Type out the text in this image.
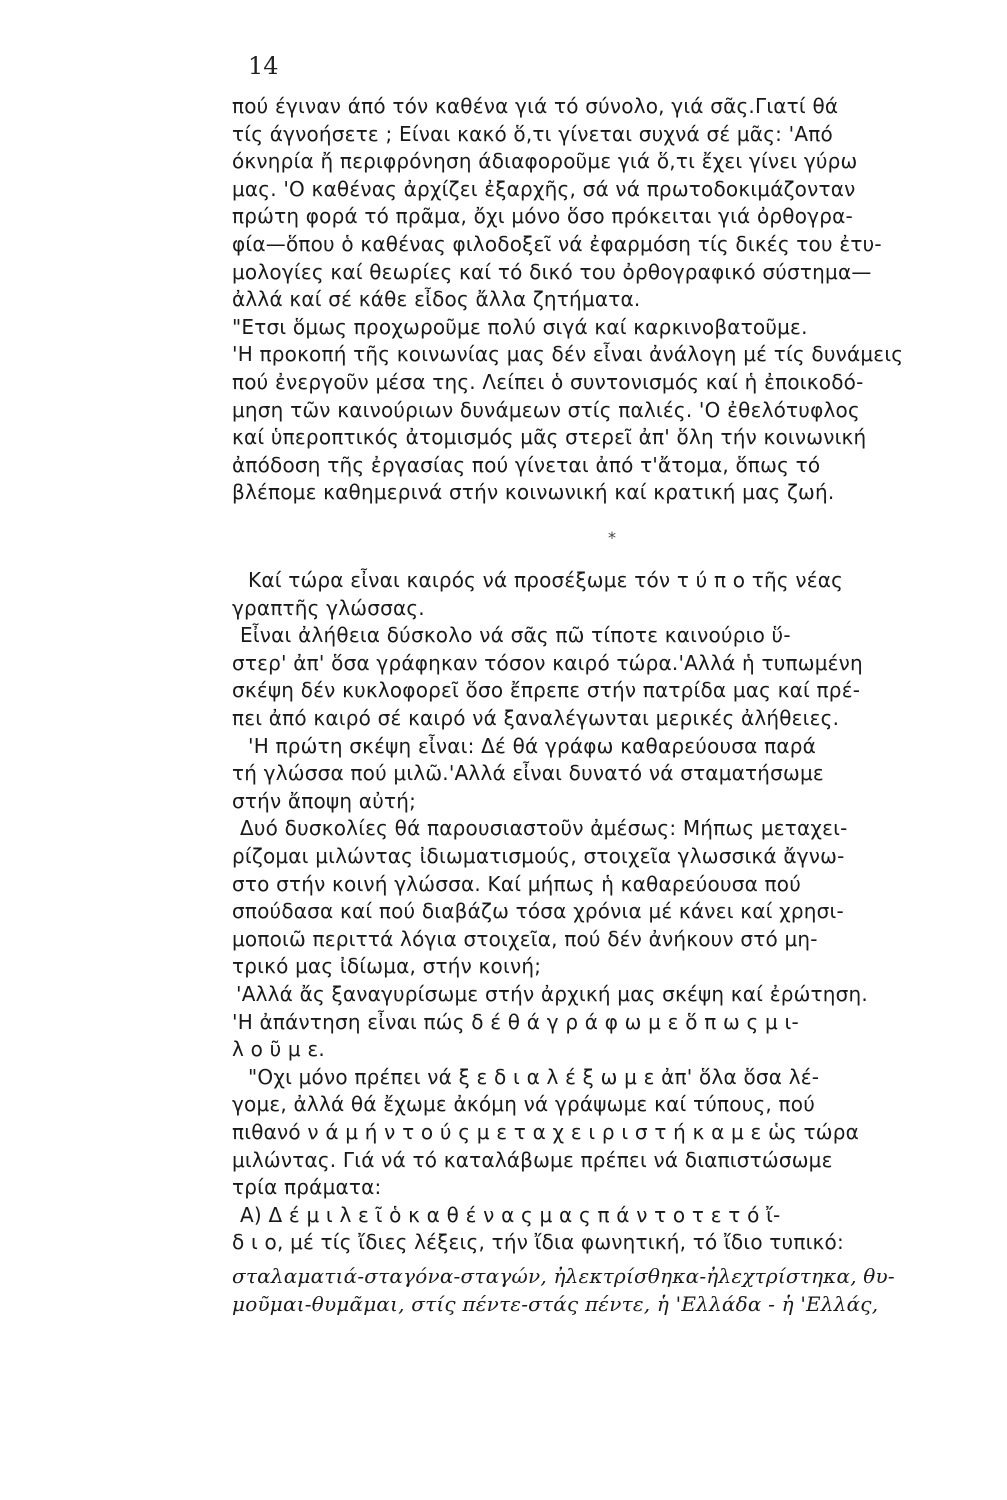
14
πού έγιναν άπό τόν καθένα γιά τό σύνολο, γιά σᾶς.Γιατί θά
τίς άγνοήσετε ; Είναι κακό ὅ,τι γίνεται συχνά σέ μᾶς: 'Από
όκνηρία ἤ περιφρόνηση άδιαφοροῦμε γιά ὅ,τι ἔχει γίνει γύρω
μας. 'Ο καθένας ἀρχίζει ἐξαρχῆς, σά νά πρωτοδοκιμάζονταν
πρώτη φορά τό πρᾶμα, ὄχι μόνο ὅσο πρόκειται γιά ὀρθογρα-
φία—ὅπου ὁ καθένας φιλοδοξεῖ νά ἐφαρμόση τίς δικές του ἐτυ-
μολογίες καί θεωρίες καί τό δικό του ὀρθογραφικό σύστημα—
ἀλλά καί σέ κάθε εἶδος ἄλλα ζητήματα.
"Ετσι ὅμως προχωροῦμε πολύ σιγά καί καρκινοβατοῦμε.
'Η προκοπή τῆς κοινωνίας μας δέν εἶναι ἀνάλογη μέ τίς δυνάμεις
πού ἐνεργοῦν μέσα της. Λείπει ὁ συντονισμός καί ἡ ἐποικοδό-
μηση τῶν καινούριων δυνάμεων στίς παλιές. 'Ο ἐθελότυφλος
καί ὑπεροπτικός ἀτομισμός μᾶς στερεῖ ἀπ' ὅλη τήν κοινωνική
ἀπόδοση τῆς ἐργασίας πού γίνεται ἀπό τ'ἄτομα, ὅπως τό
βλέπομε καθημερινά στήν κοινωνική καί κρατική μας ζωή.
*
Καί τώρα εἶναι καιρός νά προσέξωμε τόν τ ύ π ο τῆς νέας
γραπτῆς γλώσσας.
Εἶναι ἀλήθεια δύσκολο νά σᾶς πῶ τίποτε καινούριο ὕ-
στερ' ἀπ' ὅσα γράφηκαν τόσον καιρό τώρα.'Αλλά ἡ τυπωμένη
σκέψη δέν κυκλοφορεῖ ὅσο ἔπρεπε στήν πατρίδα μας καί πρέ-
πει ἀπό καιρό σέ καιρό νά ξαναλέγωνται μερικές ἀλήθειες.
'Η πρώτη σκέψη εἶναι: Δέ θά γράφω καθαρεύουσα παρά
τή γλώσσα πού μιλῶ.'Αλλά εἶναι δυνατό νά σταματήσωμε
στήν ἄποψη αὐτή;
Δυό δυσκολίες θά παρουσιαστοῦν ἀμέσως: Μήπως μεταχει-
ρίζομαι μιλώντας ἰδιωματισμούς, στοιχεῖα γλωσσικά ἄγνω-
στο στήν κοινή γλώσσα. Καί μήπως ἡ καθαρεύουσα πού
σπούδασα καί πού διαβάζω τόσα χρόνια μέ κάνει καί χρησι-
μοποιῶ περιττά λόγια στοιχεῖα, πού δέν ἀνήκουν στό μη-
τρικό μας ἰδίωμα, στήν κοινή;
'Αλλά ἄς ξαναγυρίσωμε στήν ἀρχική μας σκέψη καί ἐρώτηση.
'Η ἀπάντηση εἶναι πώς δ έ θ ά γ ρ ά φ ω μ ε ὅ π ω ς μ ι-
λ ο ῦ μ ε.
"Οχι μόνο πρέπει νά ξ ε δ ι α λ έ ξ ω μ ε ἀπ' ὅλα ὅσα λέ-
γομε, ἀλλά θά ἔχωμε ἀκόμη νά γράψωμε καί τύπους, πού
πιθανό ν ά μ ή ν τ ο ύ ς μ ε τ α χ ε ι ρ ι σ τ ή κ α μ ε ὡς τώρα
μιλώντας. Γιά νά τό καταλάβωμε πρέπει νά διαπιστώσωμε
τρία πράματα:
Α) Δ έ μ ι λ ε ῖ ὁ κ α θ έ ν α ς μ α ς π ά ν τ ο τ ε τ ό ἴ-
δ ι ο, μέ τίς ἴδιες λέξεις, τήν ἴδια φωνητική, τό ἴδιο τυπικό:
σταλαματιά-σταγόνα-σταγών, ἠλεκτρίσθηκα-ἠλεχτρίστηκα, θυ-
μοῦμαι-θυμᾶμαι, στίς πέντε-στάς πέντε, ἡ 'Ελλάδα - ἡ 'Ελλάς,
